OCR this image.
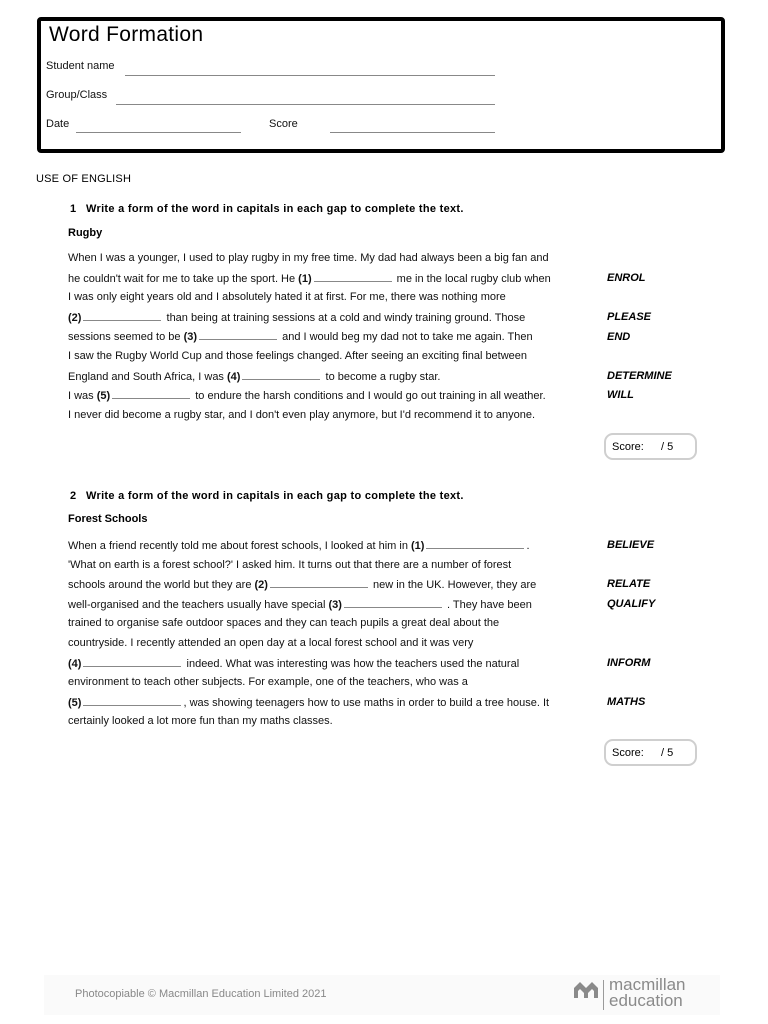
Word Formation
Student name
Group/Class
Date	Score
USE OF ENGLISH
1 Write a form of the word in capitals in each gap to complete the text.
Rugby
When I was a younger, I used to play rugby in my free time. My dad had always been a big fan and
he couldn't wait for me to take up the sport. He (1)	me in the local rugby club when
I was only eight years old and I absolutely hated it at first. For me, there was nothing more
(2)	than being at training sessions at a cold and windy training ground. Those
sessions seemed to be (3)	and I would beg my dad not to take me again. Then
I saw the Rugby World Cup and those feelings changed. After seeing an exciting final between
England and South Africa, I was (4)	to become a rugby star.
I was (5)	to endure the harsh conditions and I would go out training in all weather.
I never did become a rugby star, and I don't even play anymore, but I'd recommend it to anyone.
ENROL
PLEASE
END
DETERMINE
WILL
Score: / 5
2 Write a form of the word in capitals in each gap to complete the text.
Forest Schools
When a friend recently told me about forest schools, I looked at him in (1)	.
'What on earth is a forest school?' I asked him. It turns out that there are a number of forest
schools around the world but they are (2)	new in the UK. However, they are
well-organised and the teachers usually have special (3)	. They have been
trained to organise safe outdoor spaces and they can teach pupils a great deal about the
countryside. I recently attended an open day at a local forest school and it was very
(4)	indeed. What was interesting was how the teachers used the natural
environment to teach other subjects. For example, one of the teachers, who was a
(5)	, was showing teenagers how to use maths in order to build a tree house. It
certainly looked a lot more fun than my maths classes.
BELIEVE
RELATE
QUALIFY
INFORM
MATHS
Score: / 5
Photocopiable © Macmillan Education Limited 2021	macmillan
education
